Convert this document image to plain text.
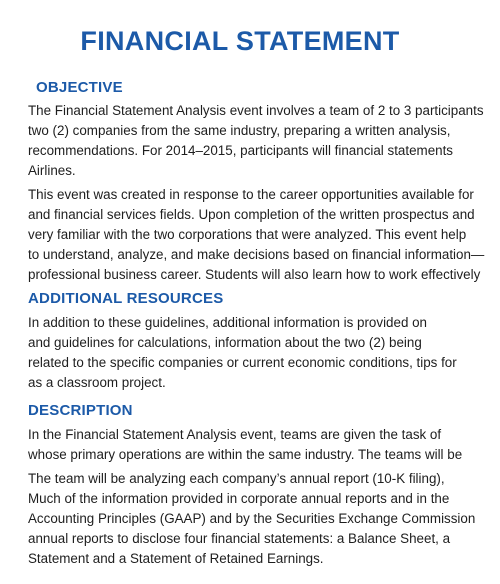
FINANCIAL STATEMENT
OBJECTIVE
The Financial Statement Analysis event involves a team of 2 to 3 participants
two (2) companies from the same industry, preparing a written analysis,
recommendations. For 2014–2015, participants will financial statements
Airlines.
This event was created in response to the career opportunities available for
and financial services fields. Upon completion of the written prospectus and
very familiar with the two corporations that were analyzed. This event help
to understand, analyze, and make decisions based on financial information—
professional business career. Students will also learn how to work effectively
ADDITIONAL RESOURCES
In addition to these guidelines, additional information is provided on
and guidelines for calculations, information about the two (2) being
related to the specific companies or current economic conditions, tips for
as a classroom project.
DESCRIPTION
In the Financial Statement Analysis event, teams are given the task of
whose primary operations are within the same industry. The teams will be
The team will be analyzing each company’s annual report (10-K filing),
Much of the information provided in corporate annual reports and in the
Accounting Principles (GAAP) and by the Securities Exchange Commission
annual reports to disclose four financial statements: a Balance Sheet, a
Statement and a Statement of Retained Earnings.
